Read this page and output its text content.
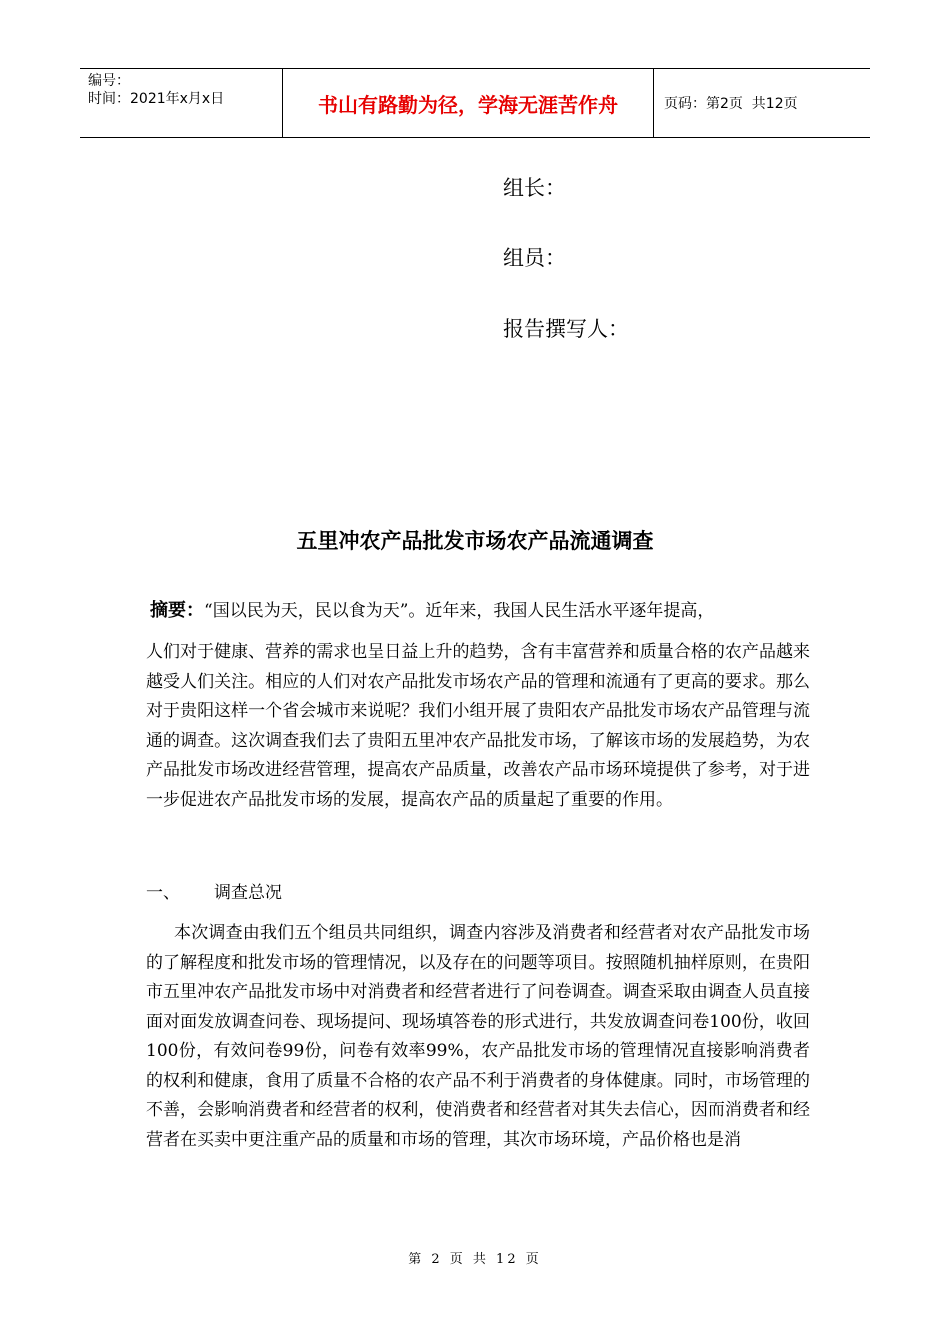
编号：
时间：2021年x月x日	书山有路勤为径，学海无涯苦作舟	页码：第2页  共12页
组长：
组员：
报告撰写人：
五里冲农产品批发市场农产品流通调查
摘要：“国以民为天，民以食为天”。近年来，我国人民生活水平逐年提高，
人们对于健康、营养的需求也呈日益上升的趋势，含有丰富营养和质量合格的农产品越来越受人们关注。相应的人们对农产品批发市场农产品的管理和流通有了更高的要求。那么对于贵阳这样一个省会城市来说呢？我们小组开展了贵阳农产品批发市场农产品管理与流通的调查。这次调查我们去了贵阳五里冲农产品批发市场，了解该市场的发展趋势，为农产品批发市场改进经营管理，提高农产品质量，改善农产品市场环境提供了参考，对于进一步促进农产品批发市场的发展，提高农产品的质量起了重要的作用。
一、 调查总况
本次调查由我们五个组员共同组织，调查内容涉及消费者和经营者对农产品批发市场的了解程度和批发市场的管理情况，以及存在的问题等项目。按照随机抽样原则，在贵阳市五里冲农产品批发市场中对消费者和经营者进行了问卷调查。调查采取由调查人员直接面对面发放调查问卷、现场提问、现场填答卷的形式进行，共发放调查问卷100份，收回100份，有效问卷99份，问卷有效率99%，农产品批发市场的管理情况直接影响消费者的权利和健康，食用了质量不合格的农产品不利于消费者的身体健康。同时，市场管理的不善，会影响消费者和经营者的权利，使消费者和经营者对其失去信心，因而消费者和经营者在买卖中更注重产品的质量和市场的管理，其次市场环境，产品价格也是消
第 2 页 共 12 页
